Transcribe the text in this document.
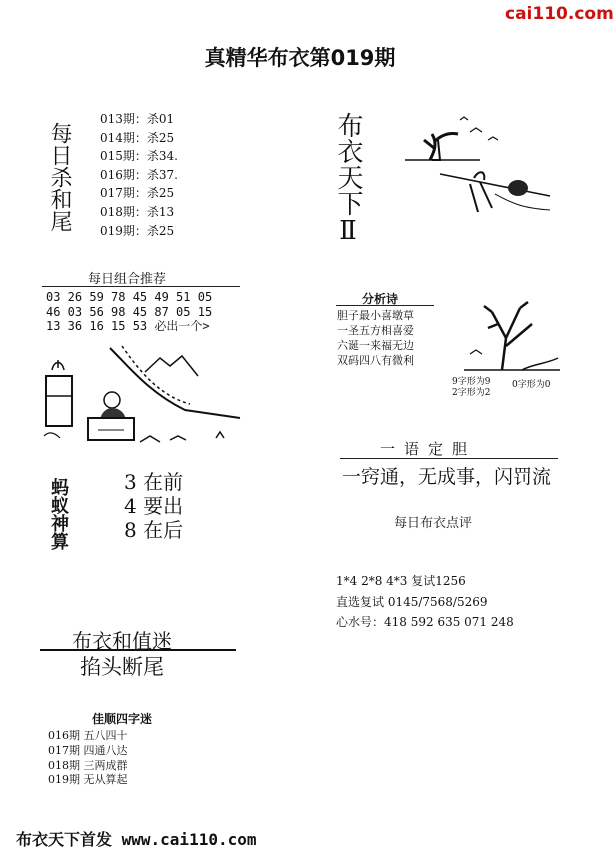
cai110.com
真精华布衣第019期
每日杀和尾
013期：杀01
014期：杀25
015期：杀34.
016期：杀37.
017期：杀25
018期：杀13
019期：杀25	布衣天下Ⅱ
每日组合推荐
03 26 59 78 45 49 51 05
46 03 56 98 45 87 05 15
13 36 16 15 53 必出一个>
蚂蚁神算	3 在前
4 要出
8 在后
分析诗
胆子最小喜墩草
一圣五方相喜爱
六诞一来福无边
双码四八有微利
9字形为9
2字形为2
0字形为0
一语定胆
一窍通，无成事，闪罚流
每日布衣点评
1*4 2*8 4*3 复试1256
直选复试 0145/7568/5269
心水号：418 592 635 071 248
布衣和值迷
掐头断尾
佳顺四字迷
016期 五八四十
017期 四通八达
018期 三两成群
019期 无从算起
布衣天下首发 www.cai110.com
